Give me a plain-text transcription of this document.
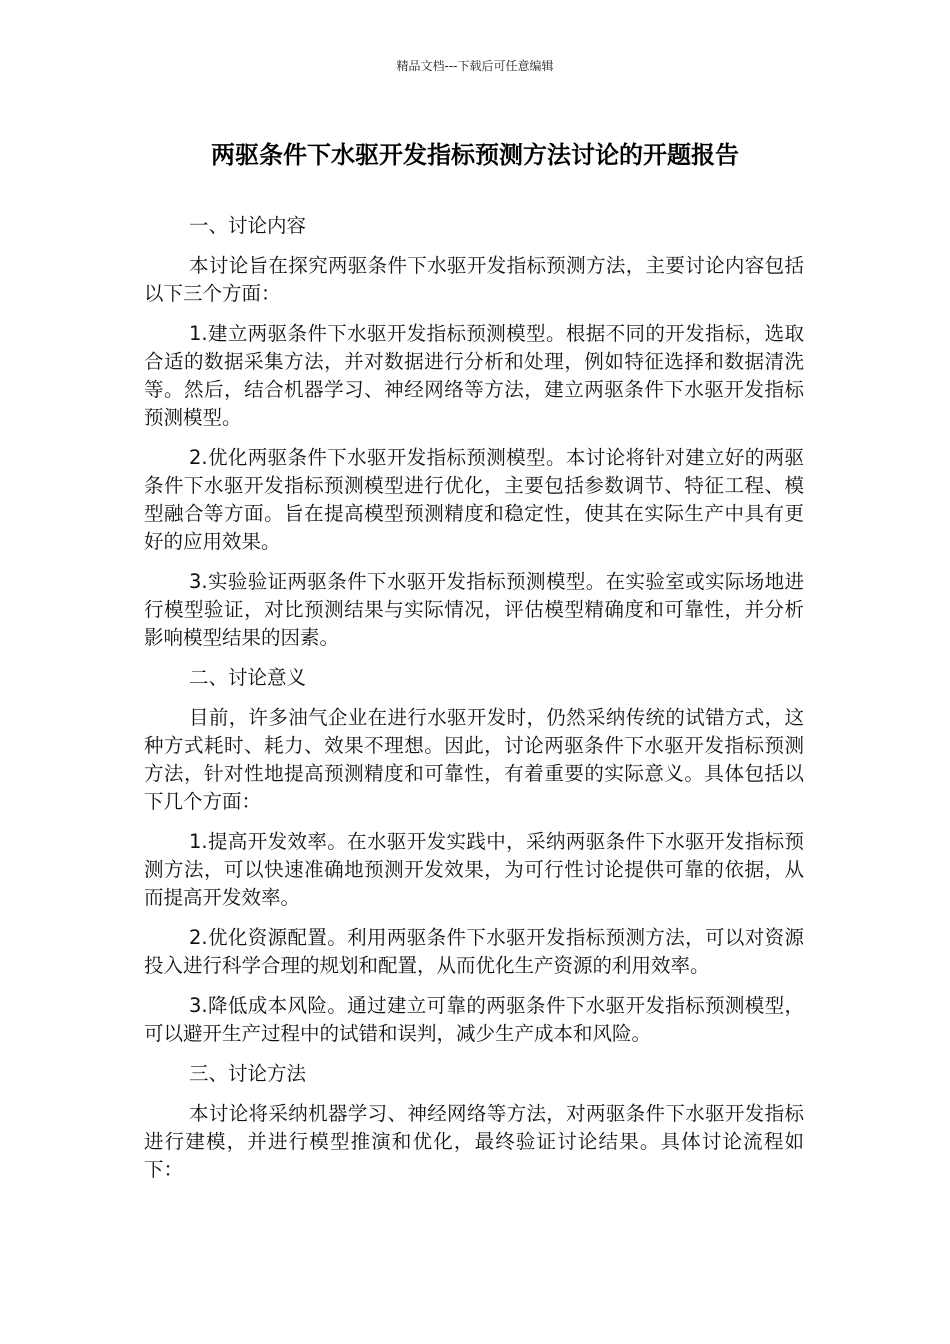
精品文档---下载后可任意编辑
两驱条件下水驱开发指标预测方法讨论的开题报告

一、讨论内容

本讨论旨在探究两驱条件下水驱开发指标预测方法，主要讨论内容包括以下三个方面：

1.建立两驱条件下水驱开发指标预测模型。根据不同的开发指标，选取合适的数据采集方法，并对数据进行分析和处理，例如特征选择和数据清洗等。然后，结合机器学习、神经网络等方法，建立两驱条件下水驱开发指标预测模型。

2.优化两驱条件下水驱开发指标预测模型。本讨论将针对建立好的两驱条件下水驱开发指标预测模型进行优化，主要包括参数调节、特征工程、模型融合等方面。旨在提高模型预测精度和稳定性，使其在实际生产中具有更好的应用效果。

3.实验验证两驱条件下水驱开发指标预测模型。在实验室或实际场地进行模型验证，对比预测结果与实际情况，评估模型精确度和可靠性，并分析影响模型结果的因素。

二、讨论意义

目前，许多油气企业在进行水驱开发时，仍然采纳传统的试错方式，这种方式耗时、耗力、效果不理想。因此，讨论两驱条件下水驱开发指标预测方法，针对性地提高预测精度和可靠性，有着重要的实际意义。具体包括以下几个方面：

1.提高开发效率。在水驱开发实践中，采纳两驱条件下水驱开发指标预测方法，可以快速准确地预测开发效果，为可行性讨论提供可靠的依据，从而提高开发效率。

2.优化资源配置。利用两驱条件下水驱开发指标预测方法，可以对资源投入进行科学合理的规划和配置，从而优化生产资源的利用效率。

3.降低成本风险。通过建立可靠的两驱条件下水驱开发指标预测模型，可以避开生产过程中的试错和误判，减少生产成本和风险。

三、讨论方法

本讨论将采纳机器学习、神经网络等方法，对两驱条件下水驱开发指标进行建模，并进行模型推演和优化，最终验证讨论结果。具体讨论流程如下：
